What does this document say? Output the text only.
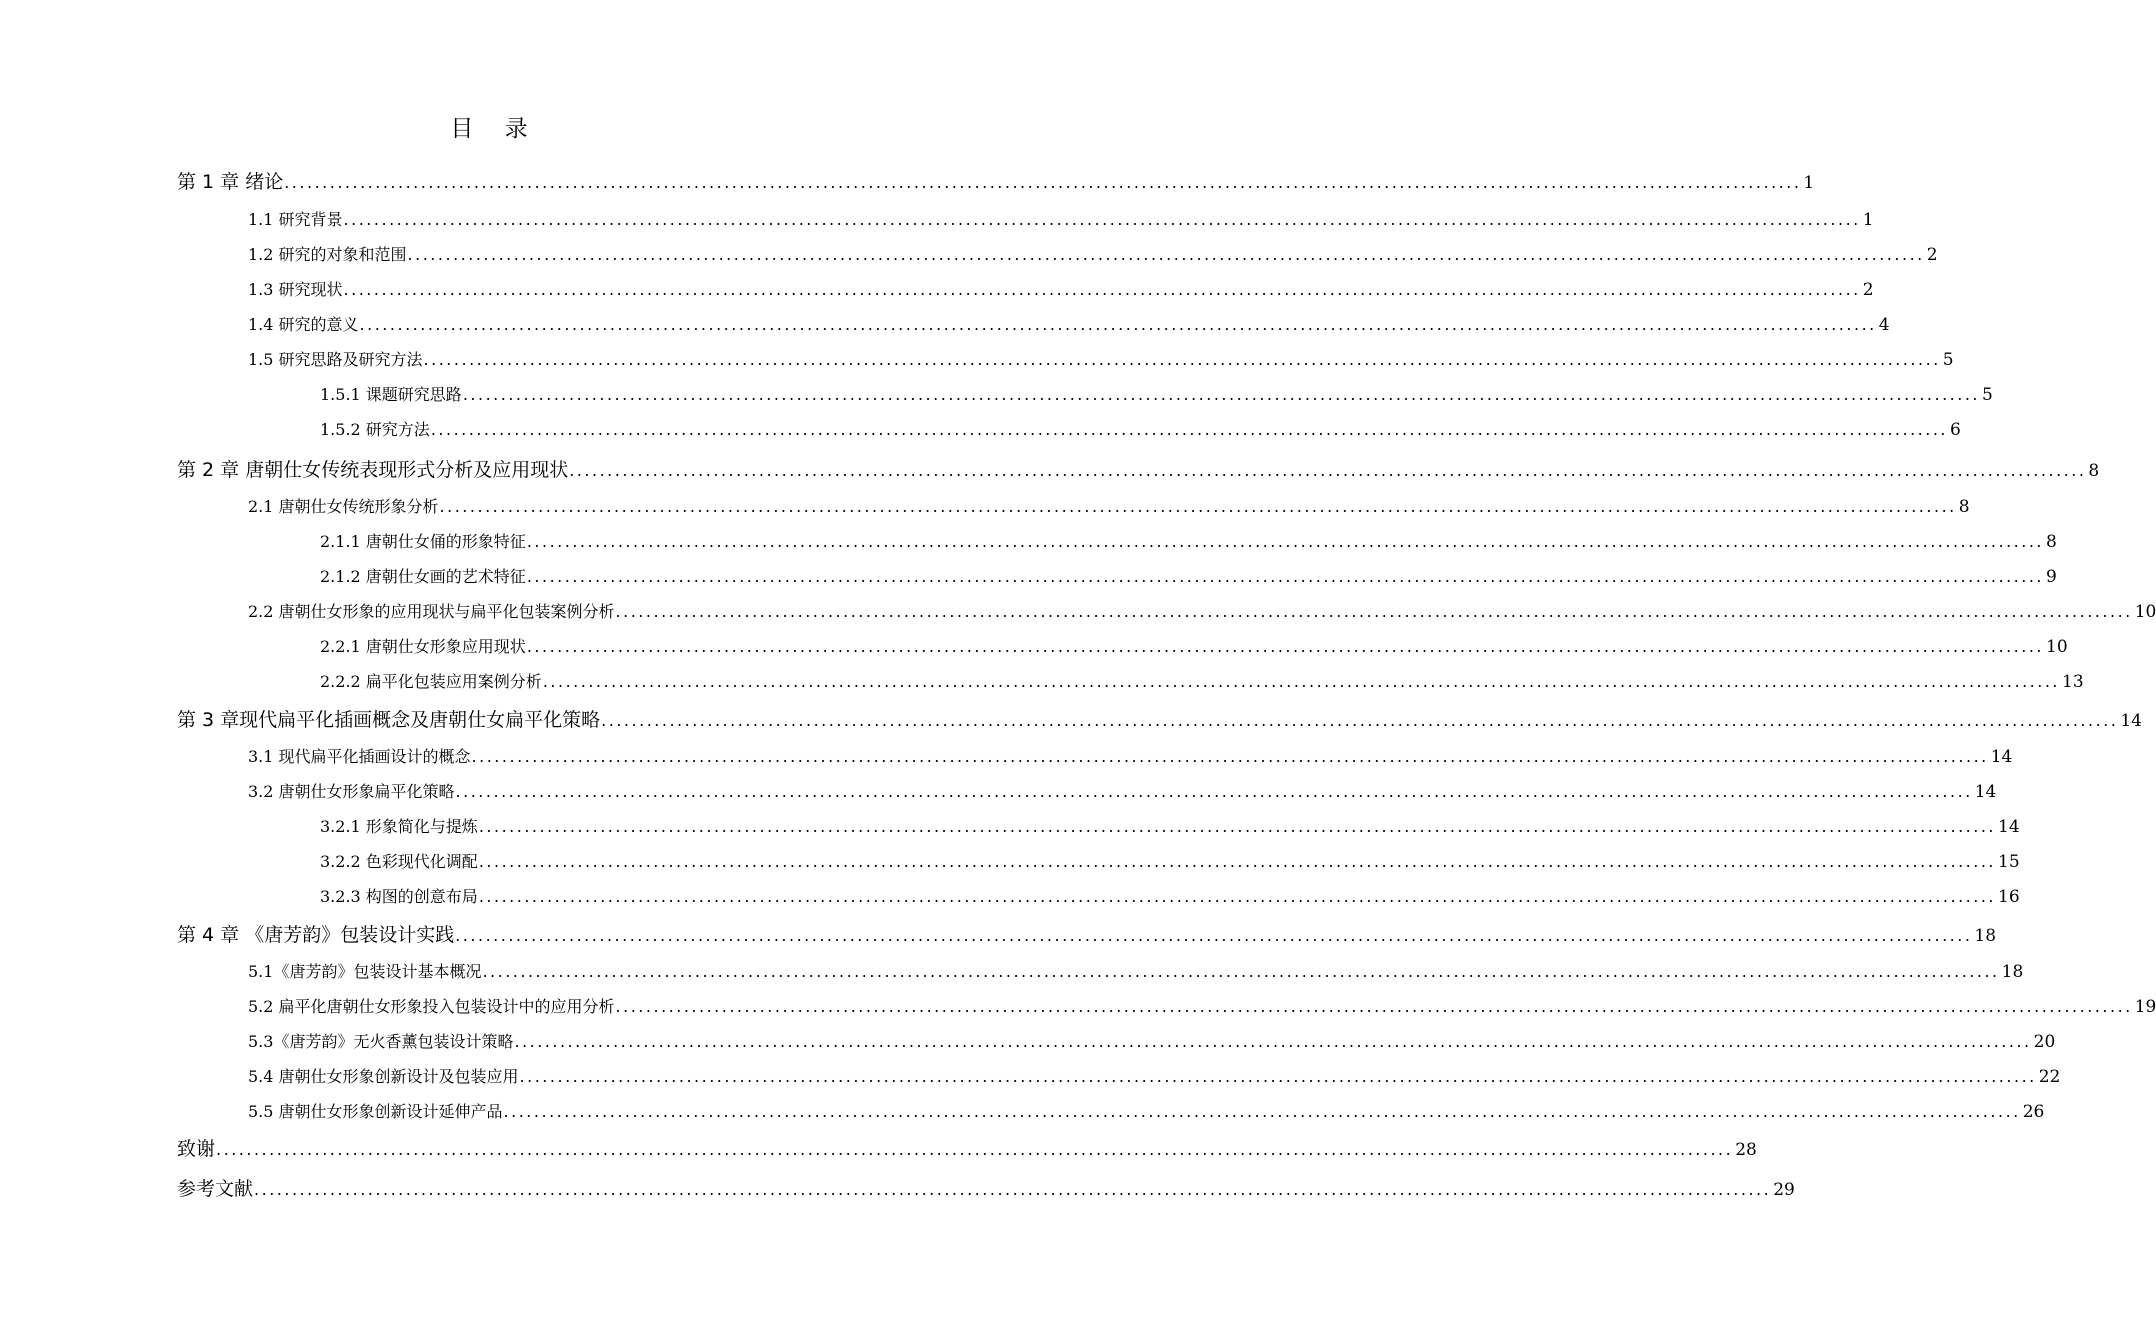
目 录
第 1 章 绪论 ........................................................................................................................................................................................................ 1
1.1 研究背景 ........................................................................................................................................................................................................ 1
1.2 研究的对象和范围 ........................................................................................................................................................................................................ 2
1.3 研究现状 ........................................................................................................................................................................................................ 2
1.4 研究的意义 ........................................................................................................................................................................................................ 4
1.5 研究思路及研究方法 ........................................................................................................................................................................................................ 5
1.5.1 课题研究思路 ........................................................................................................................................................................................................ 5
1.5.2 研究方法 ........................................................................................................................................................................................................ 6
第 2 章 唐朝仕女传统表现形式分析及应用现状 ........................................................................................................................................................................................................ 8
2.1 唐朝仕女传统形象分析 ........................................................................................................................................................................................................ 8
2.1.1 唐朝仕女俑的形象特征 ........................................................................................................................................................................................................ 8
2.1.2 唐朝仕女画的艺术特征 ........................................................................................................................................................................................................ 9
2.2 唐朝仕女形象的应用现状与扁平化包装案例分析 ........................................................................................................................................................................................................ 10
2.2.1 唐朝仕女形象应用现状 ........................................................................................................................................................................................................ 10
2.2.2 扁平化包装应用案例分析 ........................................................................................................................................................................................................ 13
第 3 章现代扁平化插画概念及唐朝仕女扁平化策略 ........................................................................................................................................................................................................ 14
3.1 现代扁平化插画设计的概念 ........................................................................................................................................................................................................ 14
3.2 唐朝仕女形象扁平化策略 ........................................................................................................................................................................................................ 14
3.2.1 形象简化与提炼 ........................................................................................................................................................................................................ 14
3.2.2 色彩现代化调配 ........................................................................................................................................................................................................ 15
3.2.3 构图的创意布局 ........................................................................................................................................................................................................ 16
第 4 章 《唐芳韵》包装设计实践 ........................................................................................................................................................................................................ 18
5.1《唐芳韵》包装设计基本概况 ........................................................................................................................................................................................................ 18
5.2 扁平化唐朝仕女形象投入包装设计中的应用分析 ........................................................................................................................................................................................................ 19
5.3《唐芳韵》无火香薰包装设计策略 ........................................................................................................................................................................................................ 20
5.4 唐朝仕女形象创新设计及包装应用 ........................................................................................................................................................................................................ 22
5.5 唐朝仕女形象创新设计延伸产品 ........................................................................................................................................................................................................ 26
致谢 ........................................................................................................................................................................................................ 28
参考文献 ........................................................................................................................................................................................................ 29
